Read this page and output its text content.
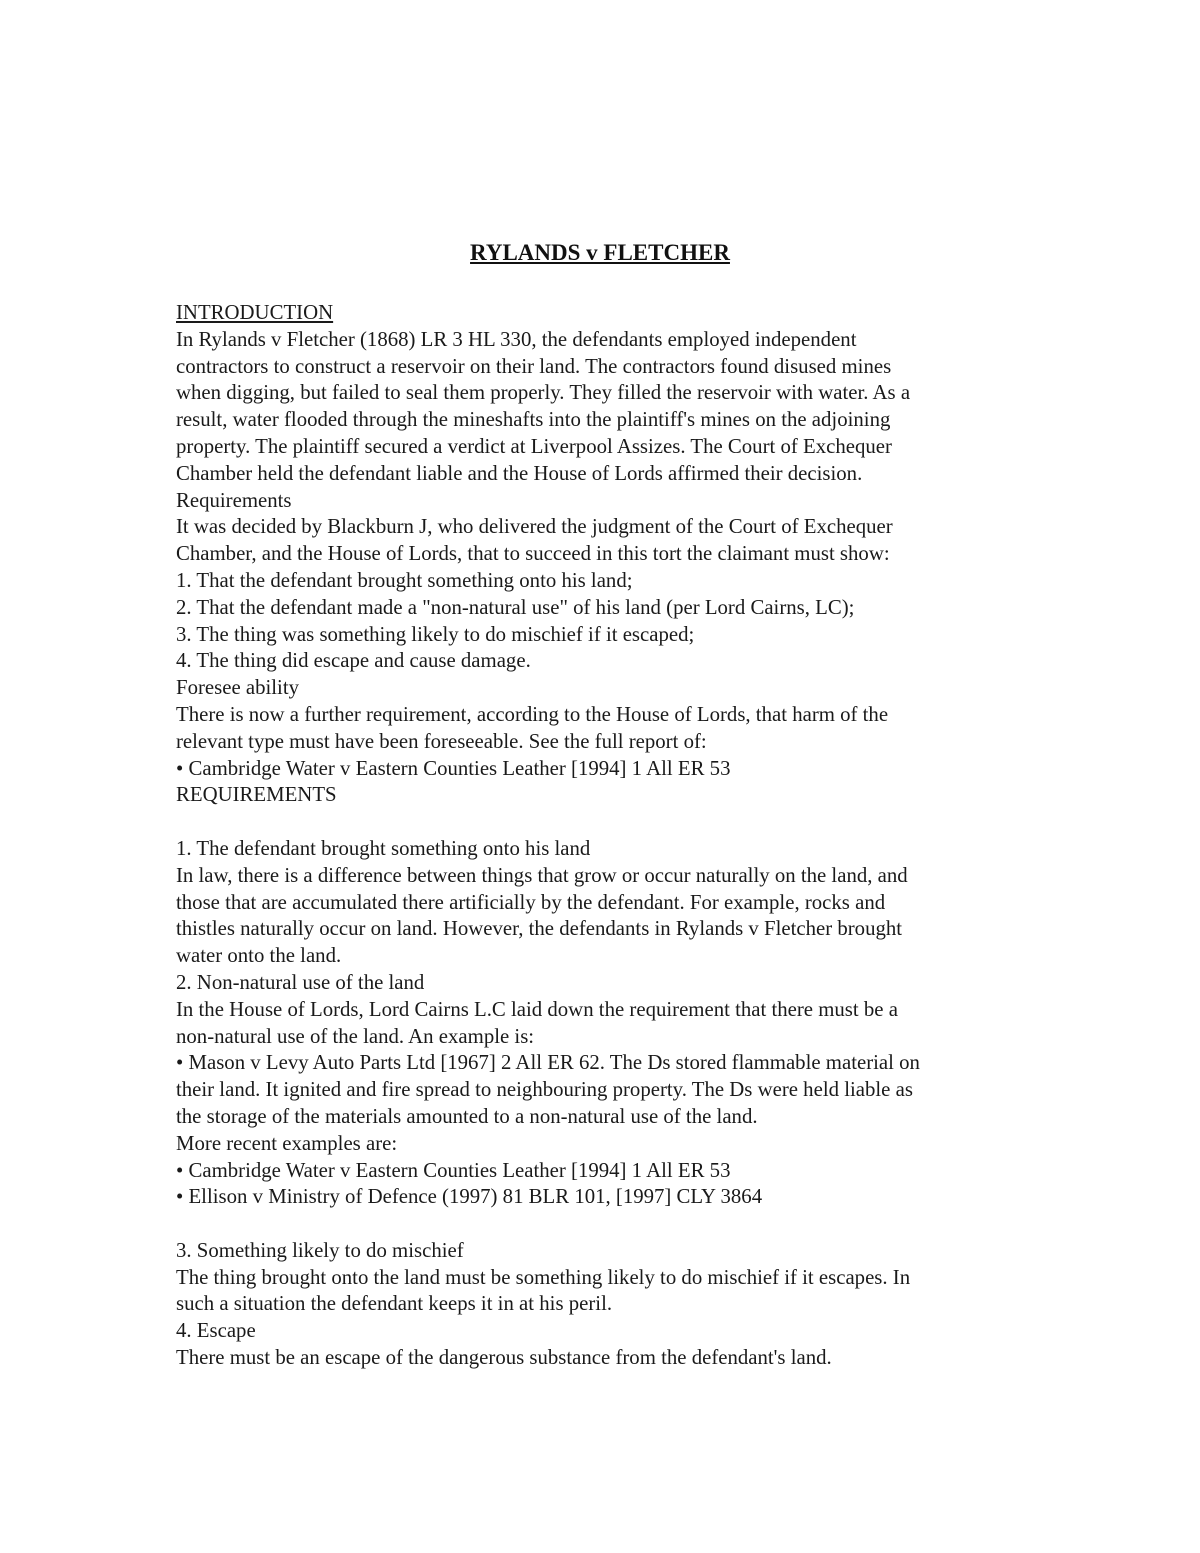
RYLANDS v FLETCHER
INTRODUCTION
In Rylands v Fletcher (1868) LR 3 HL 330, the defendants employed independent
contractors to construct a reservoir on their land. The contractors found disused mines
when digging, but failed to seal them properly. They filled the reservoir with water. As a
result, water flooded through the mineshafts into the plaintiff's mines on the adjoining
property. The plaintiff secured a verdict at Liverpool Assizes. The Court of Exchequer
Chamber held the defendant liable and the House of Lords affirmed their decision.
Requirements
It was decided by Blackburn J, who delivered the judgment of the Court of Exchequer
Chamber, and the House of Lords, that to succeed in this tort the claimant must show:
1. That the defendant brought something onto his land;
2. That the defendant made a "non-natural use" of his land (per Lord Cairns, LC);
3. The thing was something likely to do mischief if it escaped;
4. The thing did escape and cause damage.
Foresee ability
There is now a further requirement, according to the House of Lords, that harm of the
relevant type must have been foreseeable. See the full report of:
• Cambridge Water v Eastern Counties Leather [1994] 1 All ER 53
REQUIREMENTS
1. The defendant brought something onto his land
In law, there is a difference between things that grow or occur naturally on the land, and
those that are accumulated there artificially by the defendant. For example, rocks and
thistles naturally occur on land. However, the defendants in Rylands v Fletcher brought
water onto the land.
2. Non-natural use of the land
In the House of Lords, Lord Cairns L.C laid down the requirement that there must be a
non-natural use of the land. An example is:
• Mason v Levy Auto Parts Ltd [1967] 2 All ER 62. The Ds stored flammable material on
their land. It ignited and fire spread to neighbouring property. The Ds were held liable as
the storage of the materials amounted to a non-natural use of the land.
More recent examples are:
• Cambridge Water v Eastern Counties Leather [1994] 1 All ER 53
• Ellison v Ministry of Defence (1997) 81 BLR 101, [1997] CLY 3864
3. Something likely to do mischief
The thing brought onto the land must be something likely to do mischief if it escapes. In
such a situation the defendant keeps it in at his peril.
4. Escape
There must be an escape of the dangerous substance from the defendant's land.
